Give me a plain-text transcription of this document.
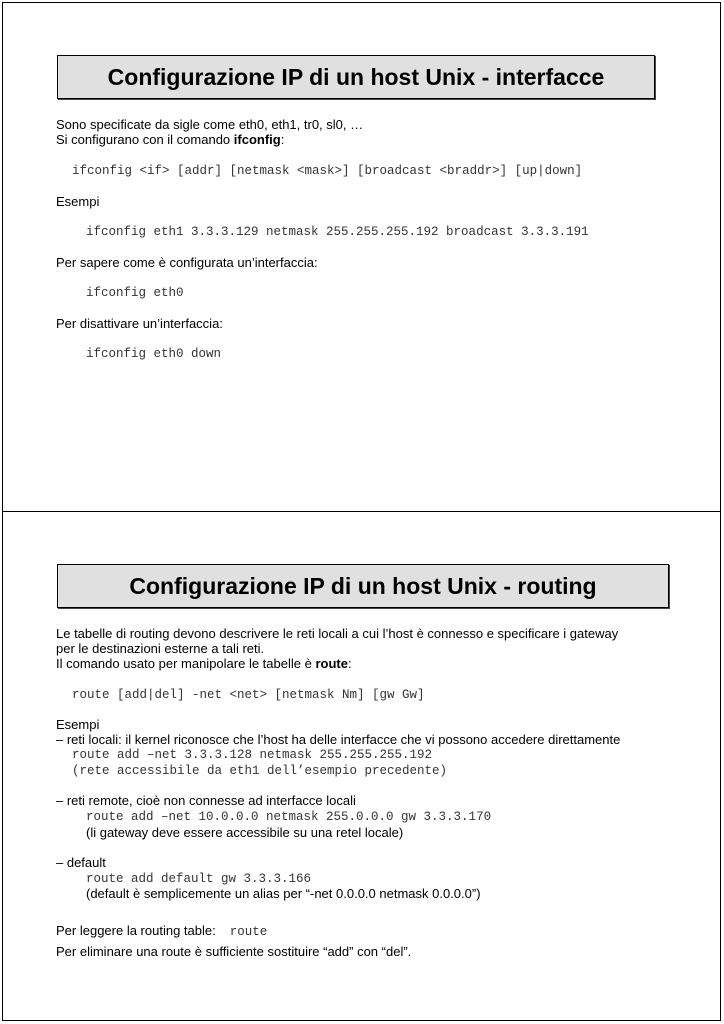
Configurazione IP di un host Unix - interfacce
Sono specificate da sigle come eth0, eth1, tr0, sl0, …
Si configurano con il comando ifconfig:
ifconfig <if> [addr] [netmask <mask>] [broadcast <braddr>] [up|down]
Esempi
ifconfig eth1 3.3.3.129 netmask 255.255.255.192 broadcast 3.3.3.191
Per sapere come è configurata un’interfaccia:
ifconfig eth0
Per disattivare un’interfaccia:
ifconfig eth0 down
Configurazione IP di un host Unix - routing
Le tabelle di routing devono descrivere le reti locali a cui l’host è connesso e specificare i gateway
per le destinazioni esterne a tali reti.
Il comando usato per manipolare le tabelle è route:
route [add|del] -net <net> [netmask Nm] [gw Gw]
Esempi
– reti locali: il kernel riconosce che l’host ha delle interfacce che vi possono accedere direttamente
route add –net 3.3.3.128 netmask 255.255.255.192
(rete accessibile da eth1 dell’esempio precedente)
– reti remote, cioè non connesse ad interfacce locali
route add –net 10.0.0.0 netmask 255.0.0.0 gw 3.3.3.170
(li gateway deve essere accessibile su una retel locale)
– default
route add default gw 3.3.3.166
(default è semplicemente un alias per “-net 0.0.0.0 netmask 0.0.0.0”)
Per leggere la routing table: route
Per eliminare una route è sufficiente sostituire “add” con “del”.
